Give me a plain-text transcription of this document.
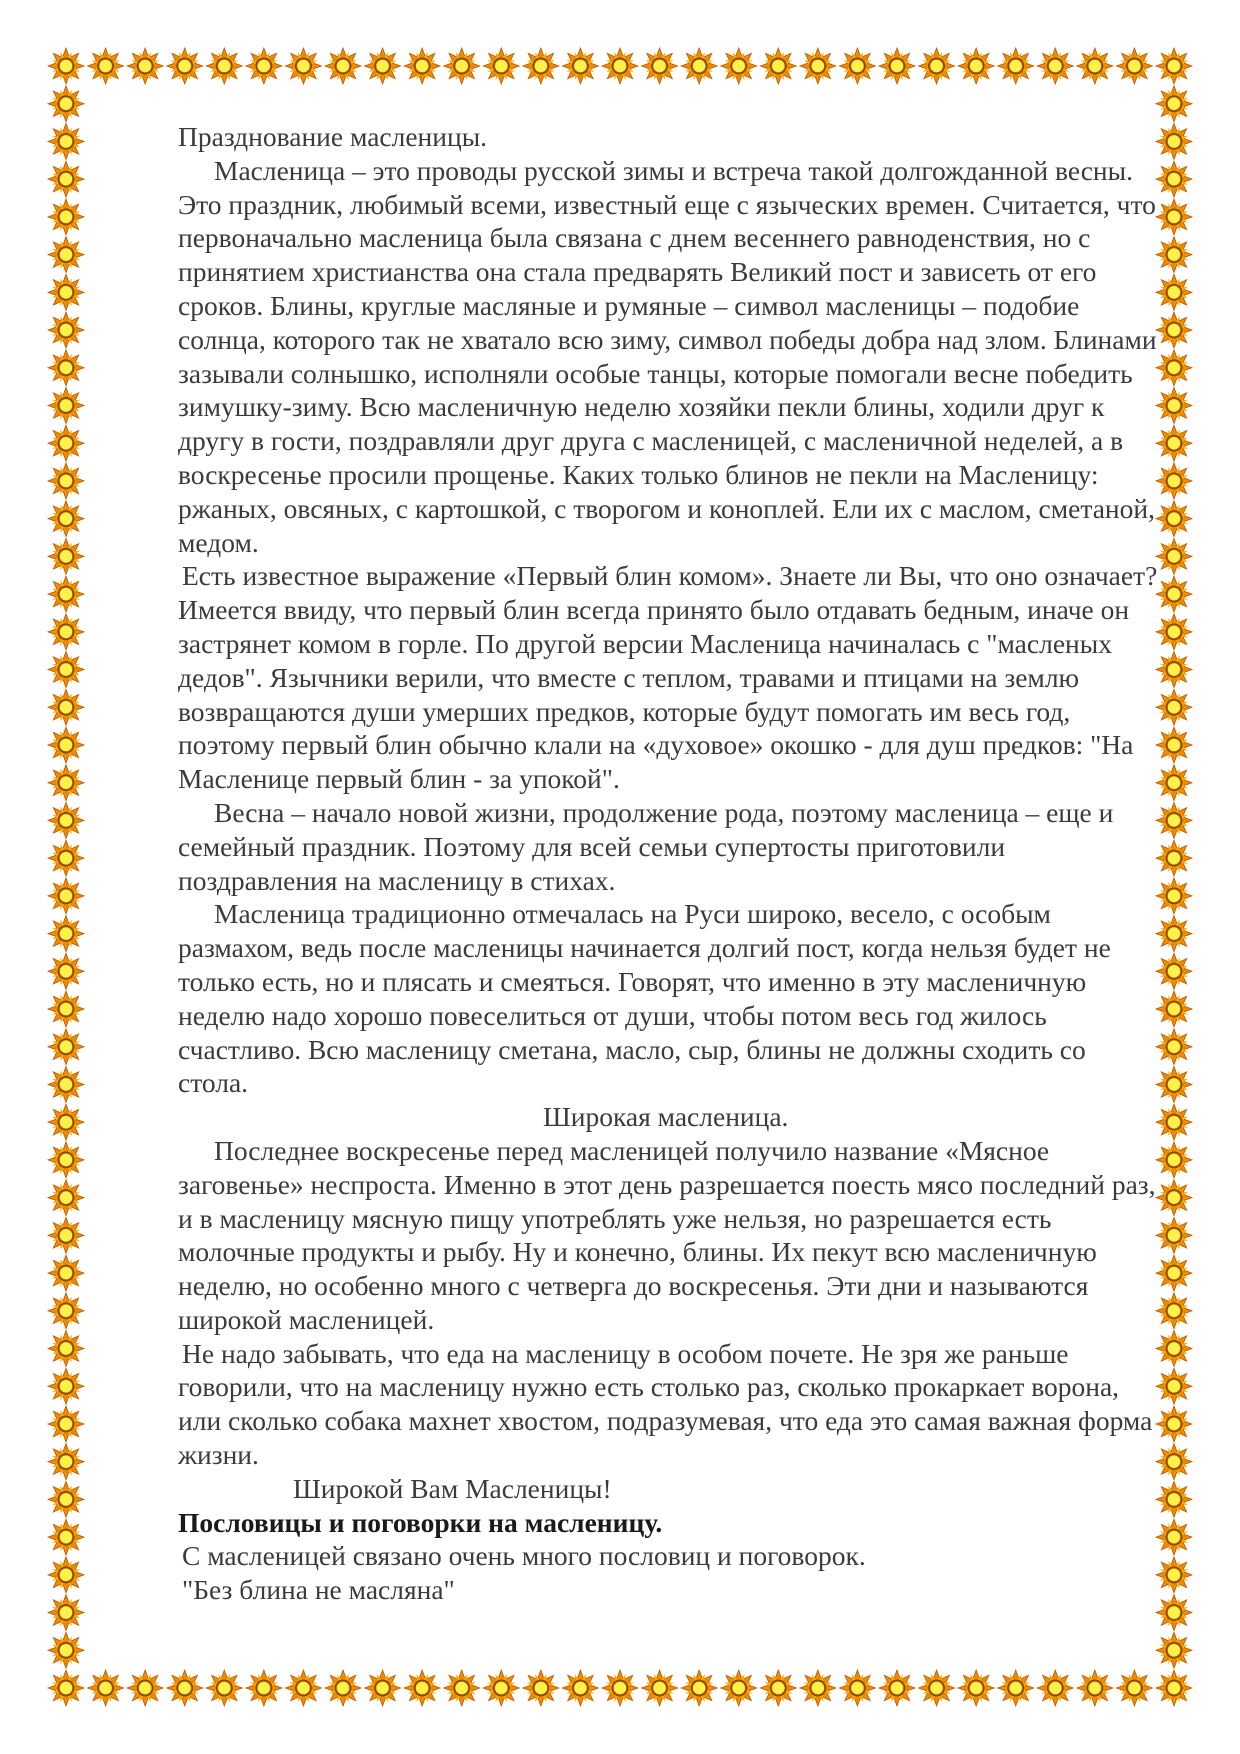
Празднование масленицы.

Масленица – это проводы русской зимы и встреча такой долгожданной весны. Это праздник, любимый всеми, известный еще с языческих времен. Считается, что первоначально масленица была связана с днем весеннего равноденствия, но с принятием христианства она стала предварять Великий пост и зависеть от его сроков. Блины, круглые масляные и румяные – символ масленицы – подобие солнца, которого так не хватало всю зиму, символ победы добра над злом. Блинами зазывали солнышко, исполняли особые танцы, которые помогали весне победить зимушку-зиму. Всю масленичную неделю хозяйки пекли блины, ходили друг к другу в гости, поздравляли друг друга с масленицей, с масленичной неделей, а в воскресенье просили прощенье. Каких только блинов не пекли на Масленицу: ржаных, овсяных, с картошкой, с творогом и коноплей. Ели их с маслом, сметаной, медом.

Есть известное выражение «Первый блин комом». Знаете ли Вы, что оно означает? Имеется ввиду, что первый блин всегда принято было отдавать бедным, иначе он застрянет комом в горле. По другой версии Масленица начиналась с "масленых дедов". Язычники верили, что вместе с теплом, травами и птицами на землю возвращаются души умерших предков, которые будут помогать им весь год, поэтому первый блин обычно клали на «духовое» окошко - для душ предков: "На Масленице первый блин - за упокой".

Весна – начало новой жизни, продолжение рода, поэтому масленица – еще и семейный праздник. Поэтому для всей семьи супертосты приготовили поздравления на масленицу в стихах.

Масленица традиционно отмечалась на Руси широко, весело, с особым размахом, ведь после масленицы начинается долгий пост, когда нельзя будет не только есть, но и плясать и смеяться. Говорят, что именно в эту масленичную неделю надо хорошо повеселиться от души, чтобы потом весь год жилось счастливо. Всю масленицу сметана, масло, сыр, блины не должны сходить со стола.

Широкая масленица.

Последнее воскресенье перед масленицей получило название «Мясное заговенье» неспроста. Именно в этот день разрешается поесть мясо последний раз, и в масленицу мясную пищу употреблять уже нельзя, но разрешается есть молочные продукты и рыбу. Ну и конечно, блины. Их пекут всю масленичную неделю, но особенно много с четверга до воскресенья. Эти дни и называются широкой масленицей.

Не надо забывать, что еда на масленицу в особом почете. Не зря же раньше говорили, что на масленицу нужно есть столько раз, сколько прокаркает ворона, или сколько собака махнет хвостом, подразумевая, что еда это самая важная форма жизни.

Широкой Вам Масленицы!

Пословицы и поговорки на масленицу.

С масленицей связано очень много пословиц и поговорок.

"Без блина не масляна"
